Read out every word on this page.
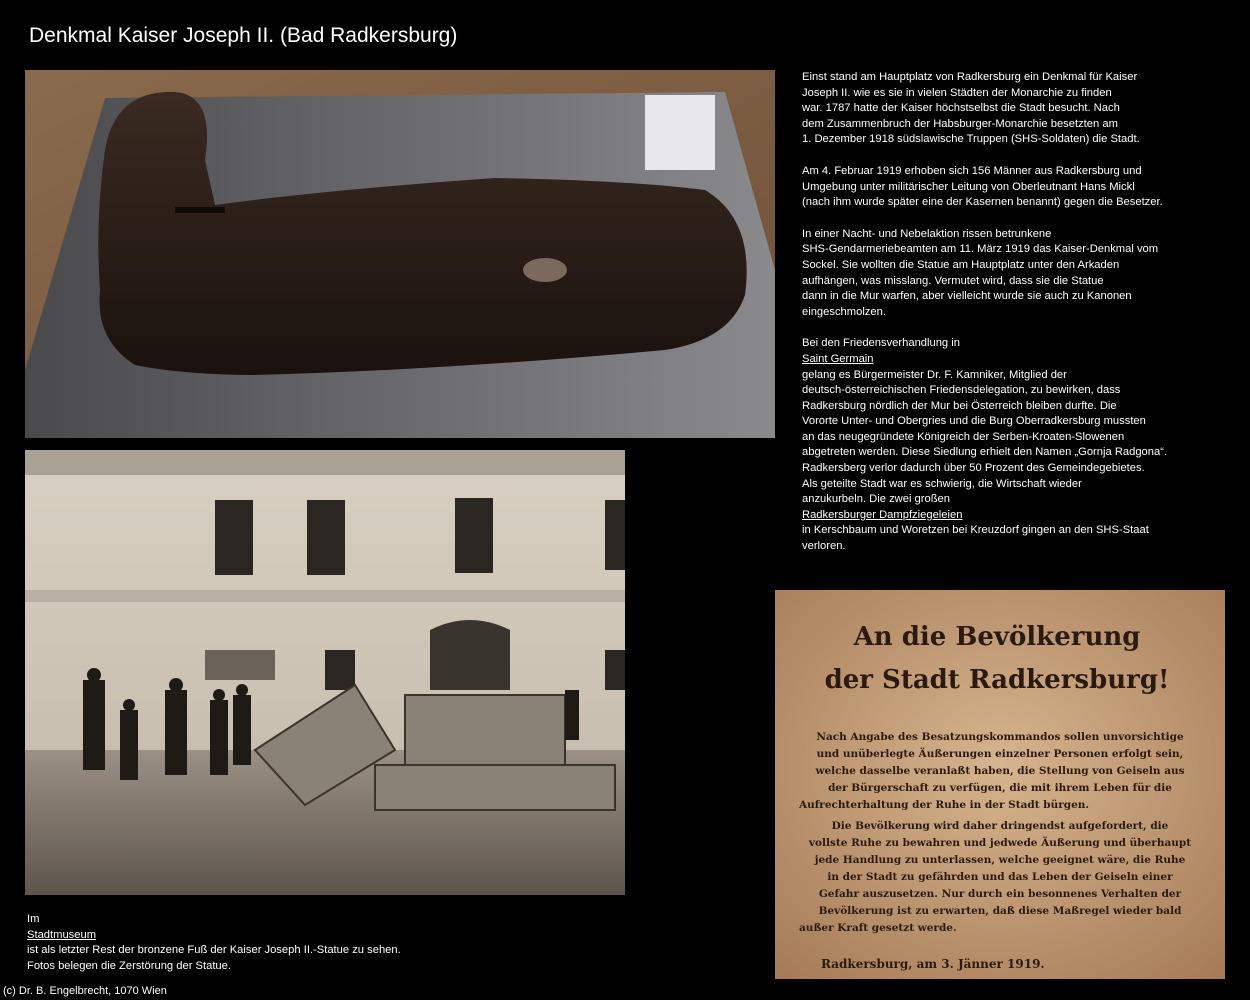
Denkmal Kaiser Joseph II. (Bad Radkersburg)

Einst stand am Hauptplatz von Radkersburg ein Denkmal für Kaiser
Joseph II. wie es sie in vielen Städten der Monarchie zu finden
war. 1787 hatte der Kaiser höchstselbst die Stadt besucht. Nach
dem Zusammenbruch der Habsburger-Monarchie besetzten am
1. Dezember 1918 südslawische Truppen (SHS-Soldaten) die Stadt.

Am 4. Februar 1919 erhoben sich 156 Männer aus Radkersburg und
Umgebung unter militärischer Leitung von Oberleutnant Hans Mickl
(nach ihm wurde später eine der Kasernen benannt) gegen die Besetzer.

In einer Nacht- und Nebelaktion rissen betrunkene
SHS-Gendarmeriebeamten am 11. März 1919 das Kaiser-Denkmal vom
Sockel. Sie wollten die Statue am Hauptplatz unter den Arkaden
aufhängen, was misslang. Vermutet wird, dass sie die Statue
dann in die Mur warfen, aber vielleicht wurde sie auch zu Kanonen
eingeschmolzen.

Bei den Friedensverhandlung in
Saint Germain
gelang es Bürgermeister Dr. F. Kamniker, Mitglied der
deutsch-österreichischen Friedensdelegation, zu bewirken, dass
Radkersburg nördlich der Mur bei Österreich bleiben durfte. Die
Vororte Unter- und Obergries und die Burg Oberradkersburg mussten
an das neugegründete Königreich der Serben-Kroaten-Slowenen
abgetreten werden. Diese Siedlung erhielt den Namen „Gornja Radgona“.
Radkersberg verlor dadurch über 50 Prozent des Gemeindegebietes.
Als geteilte Stadt war es schwierig, die Wirtschaft wieder
anzukurbeln. Die zwei großen
Radkersburger Dampfziegeleien
in Kerschbaum und Woretzen bei Kreuzdorf gingen an den SHS-Staat
verloren.

An die Bevölkerung
der Stadt Radkersburg!
Nach Angabe des Besatzungskommandos sollen unvorsichtige
und unüberlegte Äußerungen einzelner Personen erfolgt sein,
welche dasselbe veranlaßt haben, die Stellung von Geiseln aus
der Bürgerschaft zu verfügen, die mit ihrem Leben für die
Aufrechterhaltung der Ruhe in der Stadt bürgen.
Die Bevölkerung wird daher dringendst aufgefordert, die
vollste Ruhe zu bewahren und jedwede Äußerung und überhaupt
jede Handlung zu unterlassen, welche geeignet wäre, die Ruhe
in der Stadt zu gefährden und das Leben der Geiseln einer
Gefahr auszusetzen. Nur durch ein besonnenes Verhalten der
Bevölkerung ist zu erwarten, daß diese Maßregel wieder bald
außer Kraft gesetzt werde.
Radkersburg, am 3. Jänner 1919.
Im
Stadtmuseum
ist als letzter Rest der bronzene Fuß der Kaiser Joseph II.-Statue zu sehen.
Fotos belegen die Zerstörung der Statue.
(c) Dr. B. Engelbrecht, 1070 Wien
